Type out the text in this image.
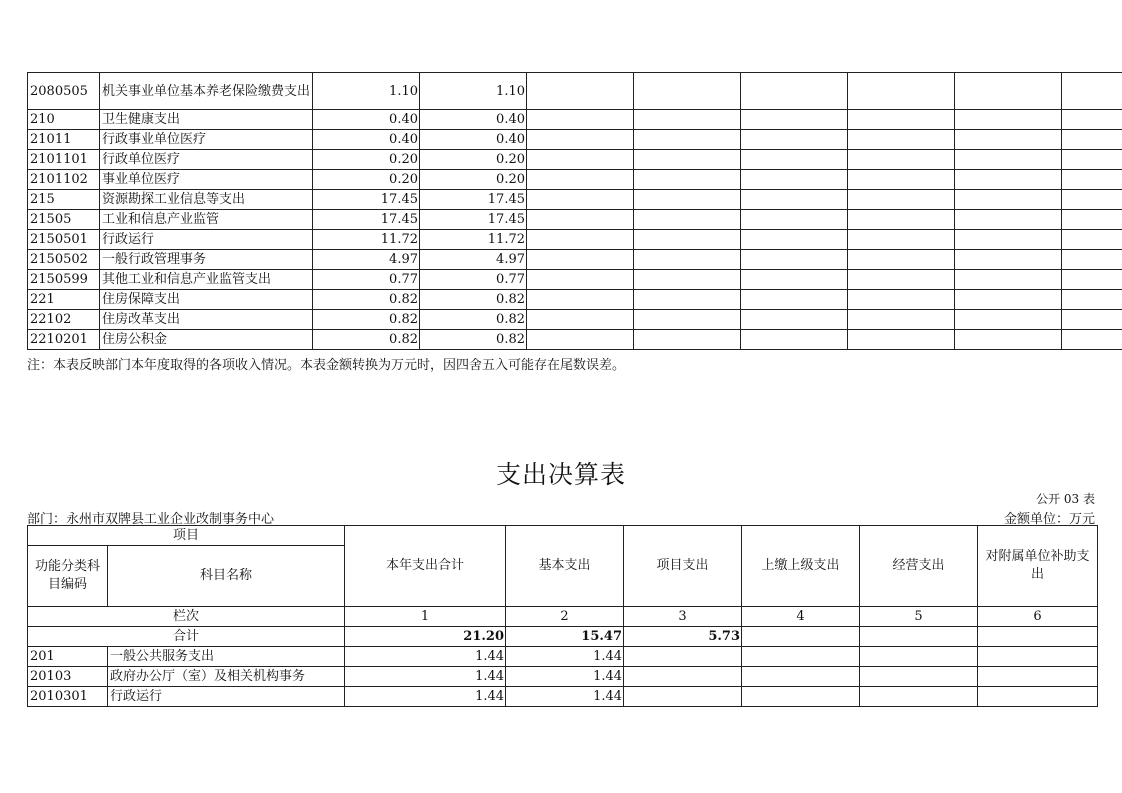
2080505	机关事业单位基本养老保险缴费支出	1.10	1.10						
210	卫生健康支出	0.40	0.40						
21011	行政事业单位医疗	0.40	0.40						
2101101	行政单位医疗	0.20	0.20						
2101102	事业单位医疗	0.20	0.20						
215	资源勘探工业信息等支出	17.45	17.45						
21505	工业和信息产业监管	17.45	17.45						
2150501	行政运行	11.72	11.72						
2150502	一般行政管理事务	4.97	4.97						
2150599	其他工业和信息产业监管支出	0.77	0.77						
221	住房保障支出	0.82	0.82						
22102	住房改革支出	0.82	0.82						
2210201	住房公积金	0.82	0.82						
注：本表反映部门本年度取得的各项收入情况。本表金额转换为万元时，因四舍五入可能存在尾数误差。
支出决算表
公开 03 表
部门：永州市双牌县工业企业改制事务中心	金额单位：万元
项目		本年支出合计	基本支出	项目支出	上缴上级支出	经营支出	对附属单位补助支出
功能分类科目编码	科目名称						
栏次		1	2	3	4	5	6
合计		21.20	15.47	5.73			
201	一般公共服务支出	1.44	1.44				
20103	政府办公厅（室）及相关机构事务	1.44	1.44				
2010301	行政运行	1.44	1.44				
